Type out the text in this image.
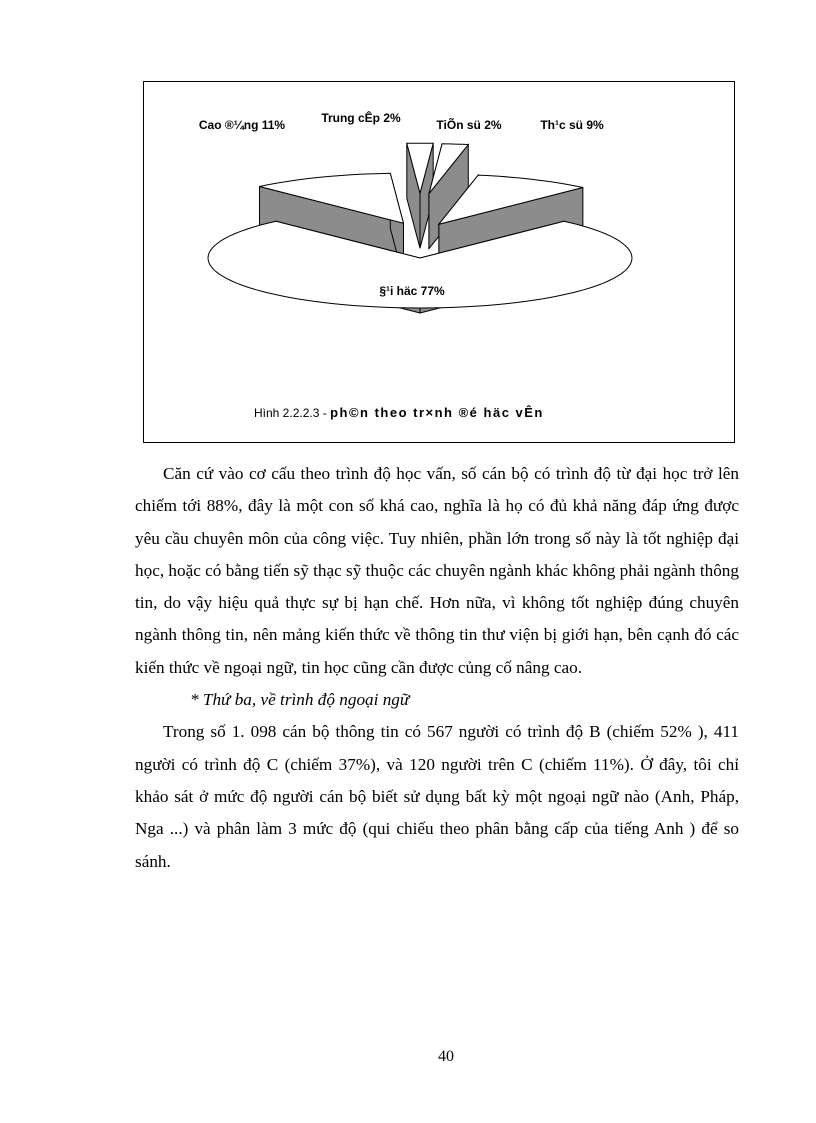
Cao ®¼ng 11%	Trung cÊp 2%	TiÕn sü 2%	Th¹c sü 9%
§¹i häc 77%
Hình 2.2.2.3 - ph©n theo tr×nh ®é häc vÊn

Căn cứ vào cơ cấu theo trình độ học vấn, số cán bộ có trình độ từ đại học trở lên chiếm tới 88%, đây là một con số khá cao, nghĩa là họ có đủ khả năng đáp ứng được yêu cầu chuyên môn của công việc. Tuy nhiên, phần lớn trong số này là tốt nghiệp đại học, hoặc có bằng tiến sỹ thạc sỹ thuộc các chuyên ngành khác không phải ngành thông tin, do vậy hiệu quả thực sự bị hạn chế. Hơn nữa, vì không tốt nghiệp đúng chuyên ngành thông tin, nên mảng kiến thức về thông tin thư viện bị giới hạn, bên cạnh đó các kiến thức về ngoại ngữ, tin học cũng cần được củng cố nâng cao.

* Thứ ba, về trình độ ngoại ngữ

Trong số 1. 098 cán bộ thông tin có 567 người có trình độ B (chiếm 52% ), 411 người có trình độ C (chiếm 37%), và 120 người trên C (chiếm 11%). Ở đây, tôi chỉ khảo sát ở mức độ người cán bộ biết sử dụng bất kỳ một ngoại ngữ nào (Anh, Pháp, Nga ...) và phân làm 3 mức độ (qui chiếu theo phân bằng cấp của tiếng Anh ) để so sánh.

40
